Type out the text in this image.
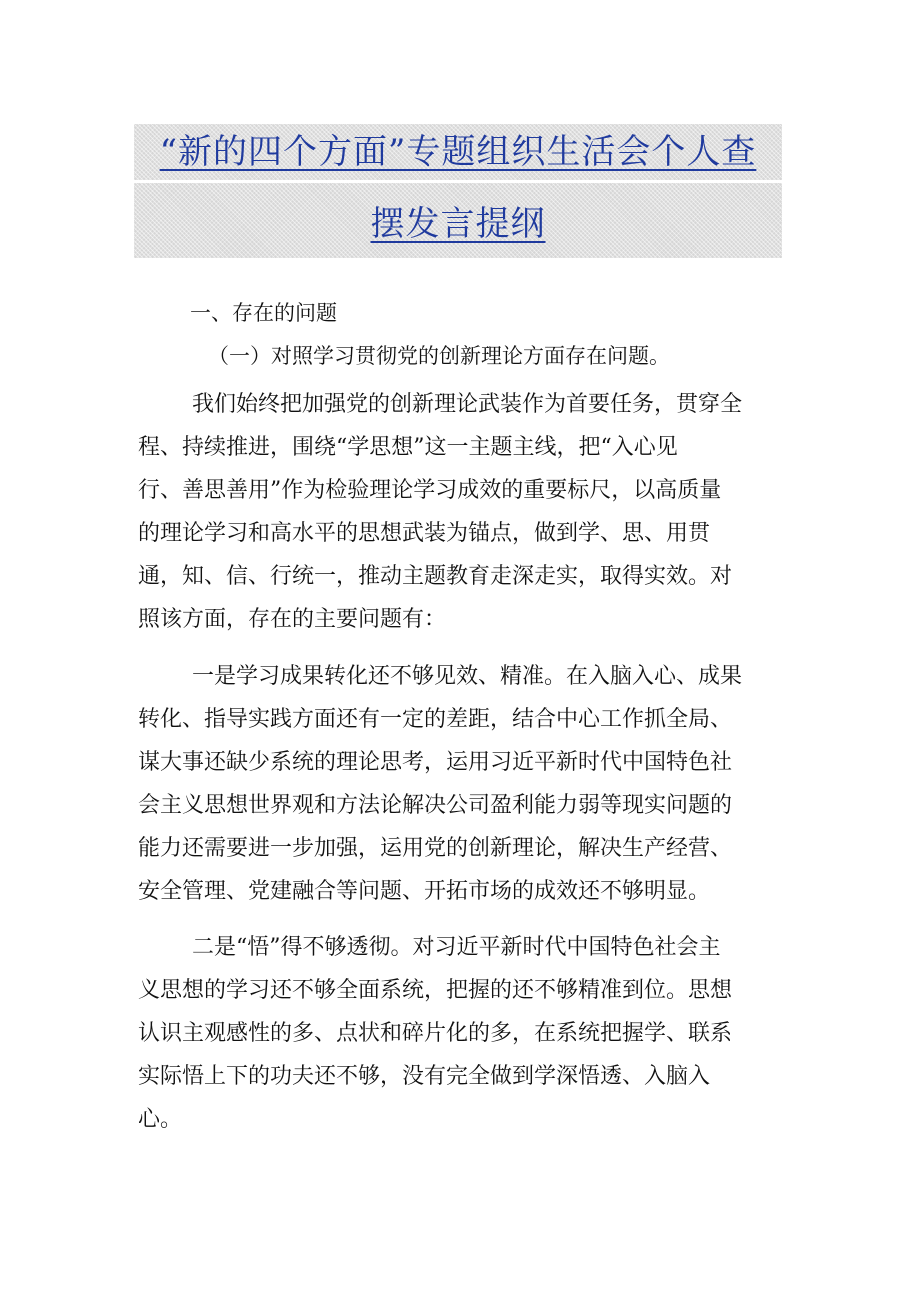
“新的四个方面”专题组织生活会个人查
摆发言提纲
一、存在的问题
（一）对照学习贯彻党的创新理论方面存在问题。
我们始终把加强党的创新理论武装作为首要任务，贯穿全
程、持续推进，围绕“学思想”这一主题主线，把“入心见
行、善思善用”作为检验理论学习成效的重要标尺，以高质量
的理论学习和高水平的思想武装为锚点，做到学、思、用贯
通，知、信、行统一，推动主题教育走深走实，取得实效。对
照该方面，存在的主要问题有：
一是学习成果转化还不够见效、精准。在入脑入心、成果
转化、指导实践方面还有一定的差距，结合中心工作抓全局、
谋大事还缺少系统的理论思考，运用习近平新时代中国特色社
会主义思想世界观和方法论解决公司盈利能力弱等现实问题的
能力还需要进一步加强，运用党的创新理论，解决生产经营、
安全管理、党建融合等问题、开拓市场的成效还不够明显。
二是“悟”得不够透彻。对习近平新时代中国特色社会主
义思想的学习还不够全面系统，把握的还不够精准到位。思想
认识主观感性的多、点状和碎片化的多，在系统把握学、联系
实际悟上下的功夫还不够，没有完全做到学深悟透、入脑入
心。
